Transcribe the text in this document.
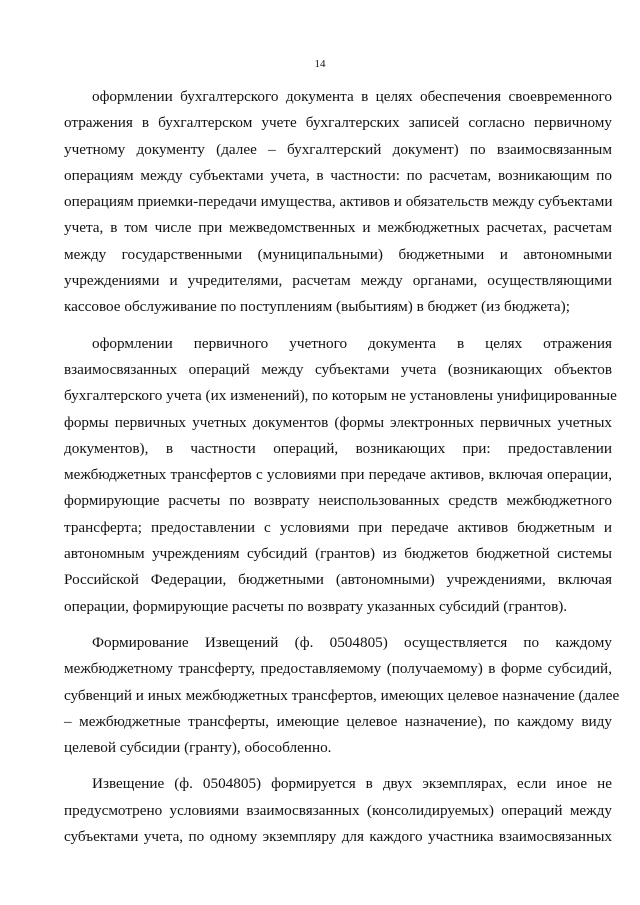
14
оформлении бухгалтерского документа в целях обеспечения своевременного
отражения в бухгалтерском учете бухгалтерских записей согласно первичному
учетному документу (далее – бухгалтерский документ) по взаимосвязанным
операциям между субъектами учета, в частности: по расчетам, возникающим по
операциям приемки-передачи имущества, активов и обязательств между субъектами
учета, в том числе при межведомственных и межбюджетных расчетах, расчетам
между государственными (муниципальными) бюджетными и автономными
учреждениями и учредителями, расчетам между органами, осуществляющими
кассовое обслуживание по поступлениям (выбытиям) в бюджет (из бюджета);
оформлении первичного учетного документа в целях отражения
взаимосвязанных операций между субъектами учета (возникающих объектов
бухгалтерского учета (их изменений), по которым не установлены унифицированные
формы первичных учетных документов (формы электронных первичных учетных
документов), в частности операций, возникающих при: предоставлении
межбюджетных трансфертов с условиями при передаче активов, включая операции,
формирующие расчеты по возврату неиспользованных средств межбюджетного
трансферта; предоставлении с условиями при передаче активов бюджетным и
автономным учреждениям субсидий (грантов) из бюджетов бюджетной системы
Российской Федерации, бюджетными (автономными) учреждениями, включая
операции, формирующие расчеты по возврату указанных субсидий (грантов).
Формирование Извещений (ф. 0504805) осуществляется по каждому
межбюджетному трансферту, предоставляемому (получаемому) в форме субсидий,
субвенций и иных межбюджетных трансфертов, имеющих целевое назначение (далее
– межбюджетные трансферты, имеющие целевое назначение), по каждому виду
целевой субсидии (гранту), обособленно.
Извещение (ф. 0504805) формируется в двух экземплярах, если иное не
предусмотрено условиями взаимосвязанных (консолидируемых) операций между
субъектами учета, по одному экземпляру для каждого участника взаимосвязанных
